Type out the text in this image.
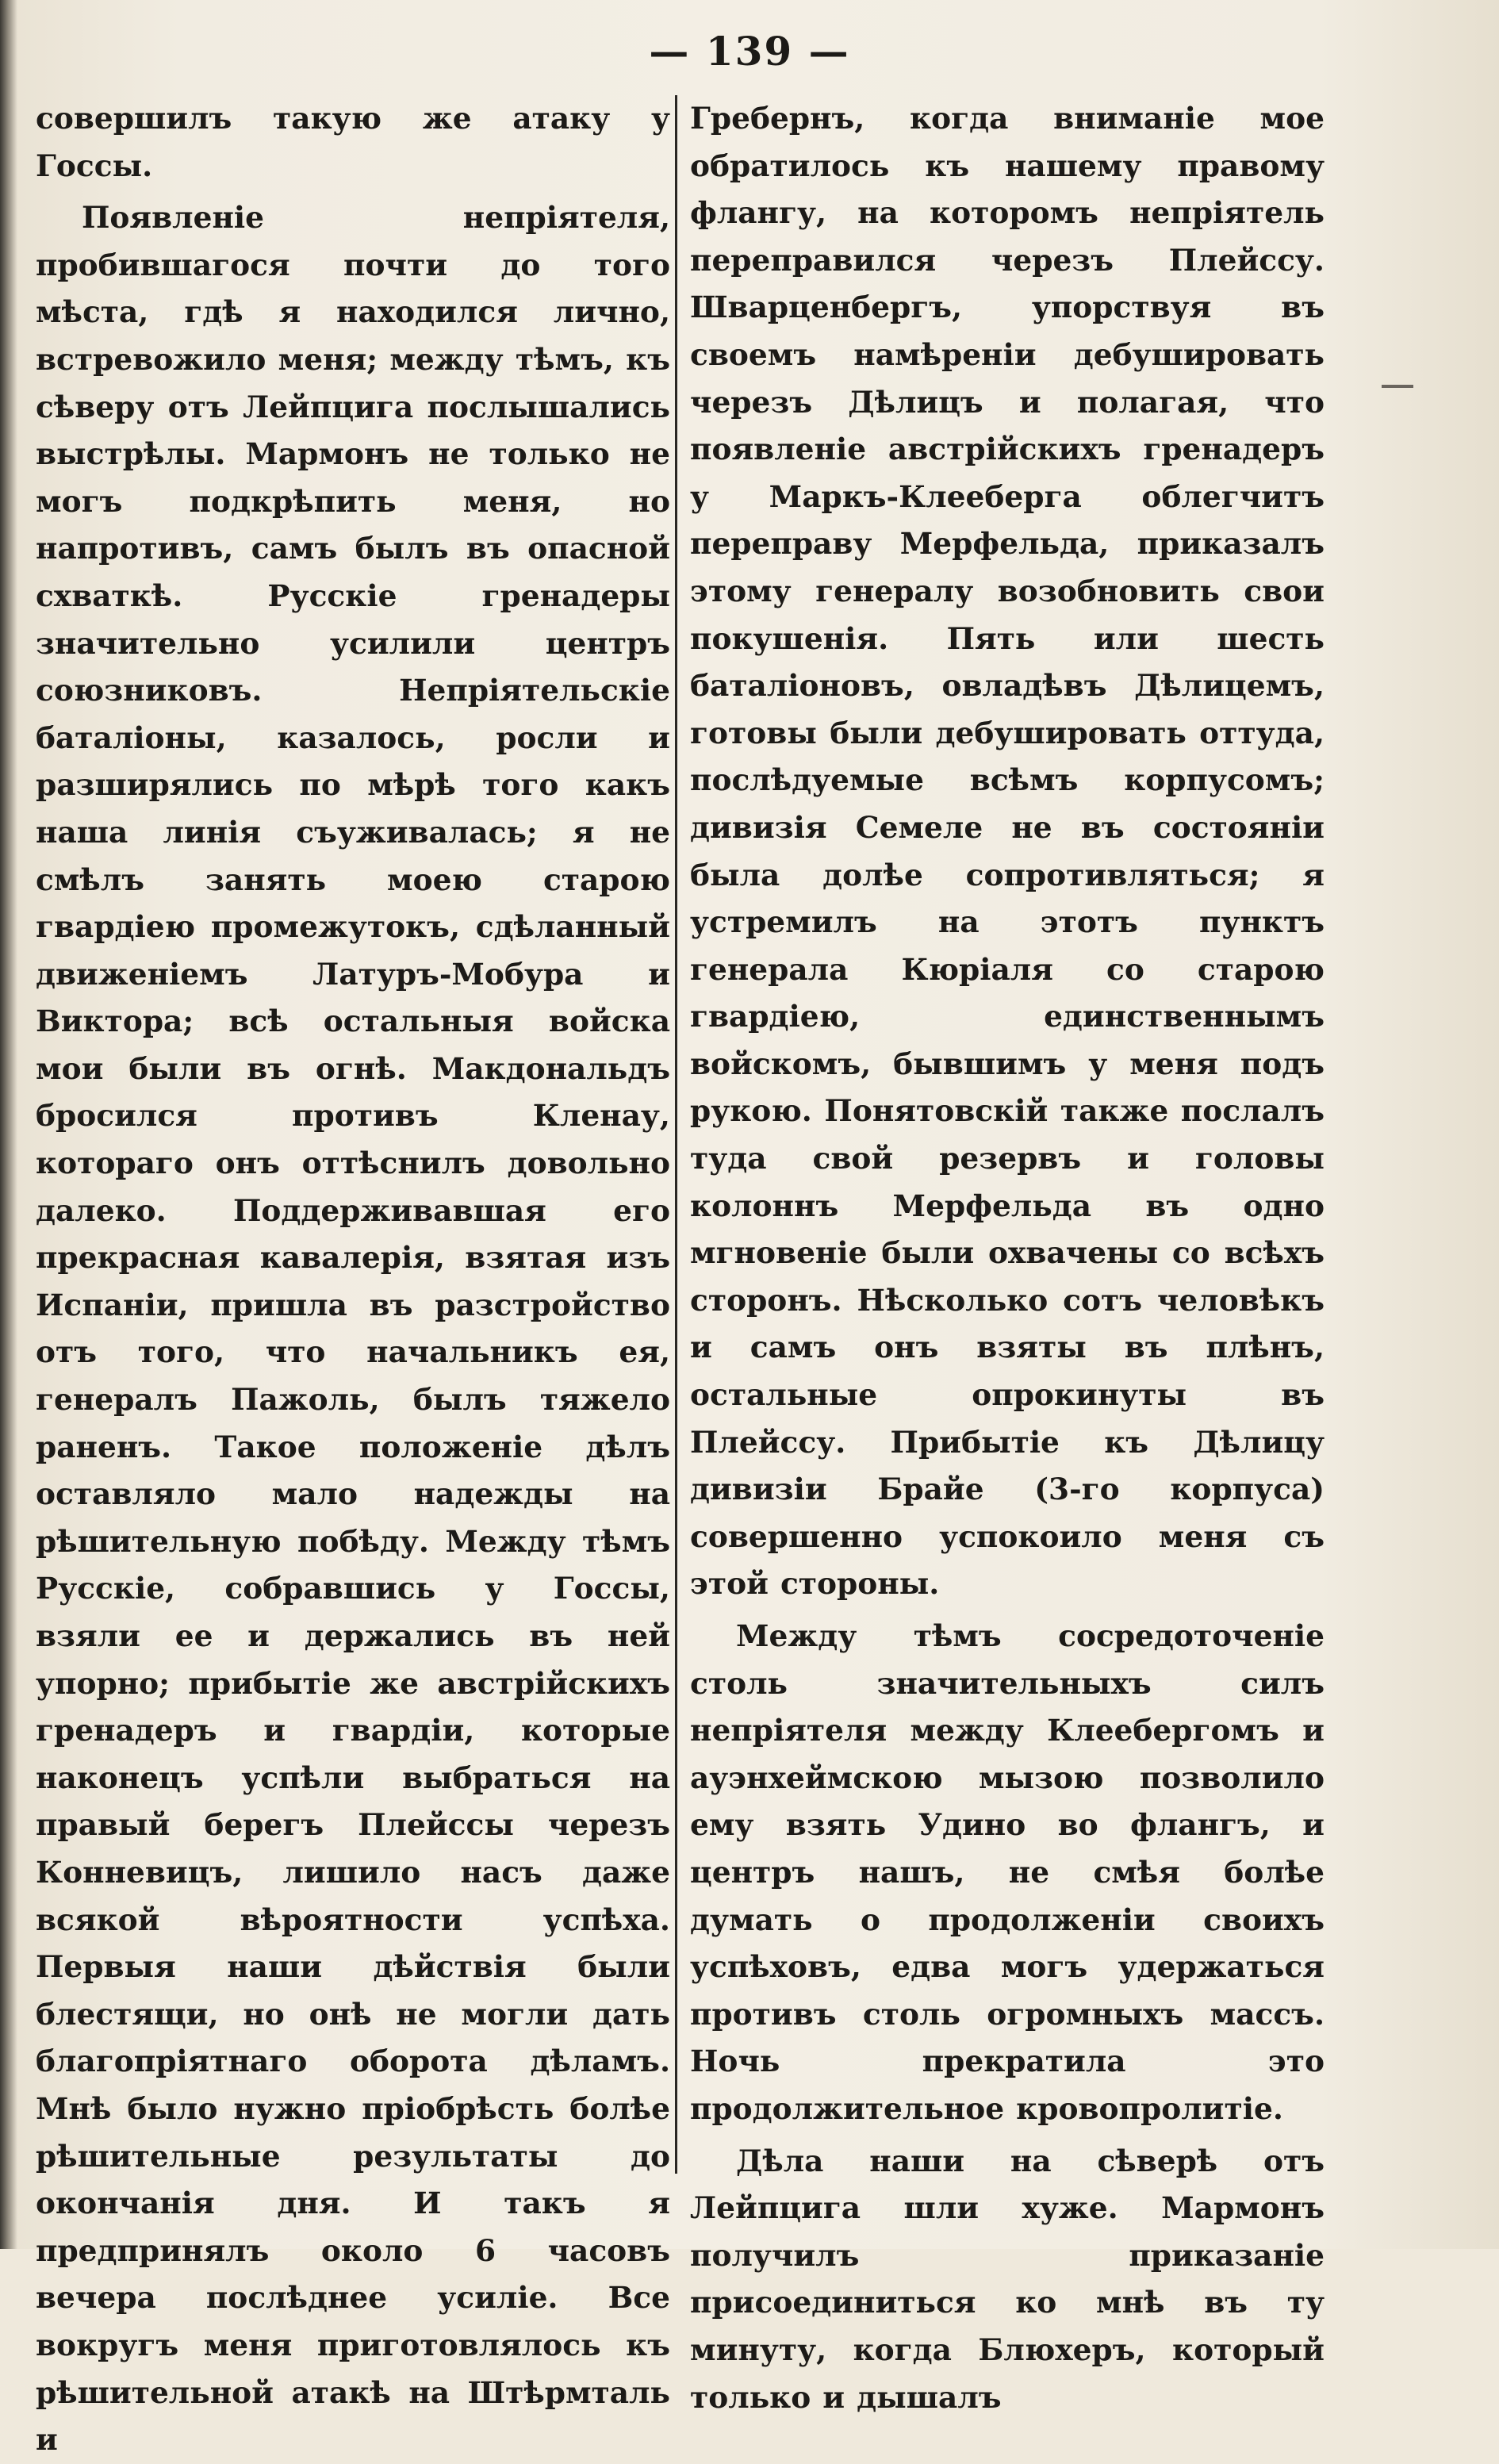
— 139 —

совершилъ такую же атаку у Госсы.

Появленіе непріятеля, пробившагося почти до того мѣста, гдѣ я находился лично, встревожило меня; между тѣмъ, къ сѣверу отъ Лейпцига послышались выстрѣлы. Мармонъ не только не могъ подкрѣпить меня, но напротивъ, самъ былъ въ опасной схваткѣ. Русскіе гренадеры значительно усилили центръ союзниковъ. Непріятельскіе баталіоны, казалось, росли и разширялись по мѣрѣ того какъ наша линія съуживалась; я не смѣлъ занять моею старою гвардіею промежутокъ, сдѣланный движеніемъ Латуръ-Мобура и Виктора; всѣ остальныя войска мои были въ огнѣ. Макдональдъ бросился противъ Кленау, котораго онъ оттѣснилъ довольно далеко. Поддерживавшая его прекрасная кавалерія, взятая изъ Испаніи, пришла въ разстройство отъ того, что начальникъ ея, генералъ Пажоль, былъ тяжело раненъ. Такое положеніе дѣлъ оставляло мало надежды на рѣшительную побѣду. Между тѣмъ Русскіе, собравшись у Госсы, взяли ее и держались въ ней упорно; прибытіе же австрійскихъ гренадеръ и гвардіи, которые наконецъ успѣли выбраться на правый берегъ Плейссы черезъ Конневицъ, лишило насъ даже всякой вѣроятности успѣха. Первыя наши дѣйствія были блестящи, но онѣ не могли дать благопріятнаго оборота дѣламъ. Мнѣ было нужно пріобрѣсть болѣе рѣшительные результаты до окончанія дня. И такъ я предпринялъ около 6 часовъ вечера послѣднее усиліе. Все вокругъ меня приготовлялось къ рѣшительной атакѣ на Штѣрмталь и

Гребернъ, когда вниманіе мое обратилось къ нашему правому флангу, на которомъ непріятель переправился черезъ Плейссу. Шварценбергъ, упорствуя въ своемъ намѣреніи дебушировать черезъ Дѣлицъ и полагая, что появленіе австрійскихъ гренадеръ у Маркъ-Клееберга облегчитъ переправу Мерфельда, приказалъ этому генералу возобновить свои покушенія. Пять или шесть баталіоновъ, овладѣвъ Дѣлицемъ, готовы были дебушировать оттуда, послѣдуемые всѣмъ корпусомъ; дивизія Семеле не въ состояніи была долѣе сопротивляться; я устремилъ на этотъ пунктъ генерала Кюріаля со старою гвардіею, единственнымъ войскомъ, бывшимъ у меня подъ рукою. Понятовскій также послалъ туда свой резервъ и головы колоннъ Мерфельда въ одно мгновеніе были охвачены со всѣхъ сторонъ. Нѣсколько сотъ человѣкъ и самъ онъ взяты въ плѣнъ, остальные опрокинуты въ Плейссу. Прибытіе къ Дѣлицу дивизіи Брайе (3-го корпуса) совершенно успокоило меня съ этой стороны.

Между тѣмъ сосредоточеніе столь значительныхъ силъ непріятеля между Клеебергомъ и ауэнхеймскою мызою позволило ему взять Удино во флангъ, и центръ нашъ, не смѣя болѣе думать о продолженіи своихъ успѣховъ, едва могъ удержаться противъ столь огромныхъ массъ. Ночь прекратила это продолжительное кровопролитіе.

Дѣла наши на сѣверѣ отъ Лейпцига шли хуже. Мармонъ получилъ приказаніе присоединиться ко мнѣ въ ту минуту, когда Блюхеръ, который только и дышалъ
